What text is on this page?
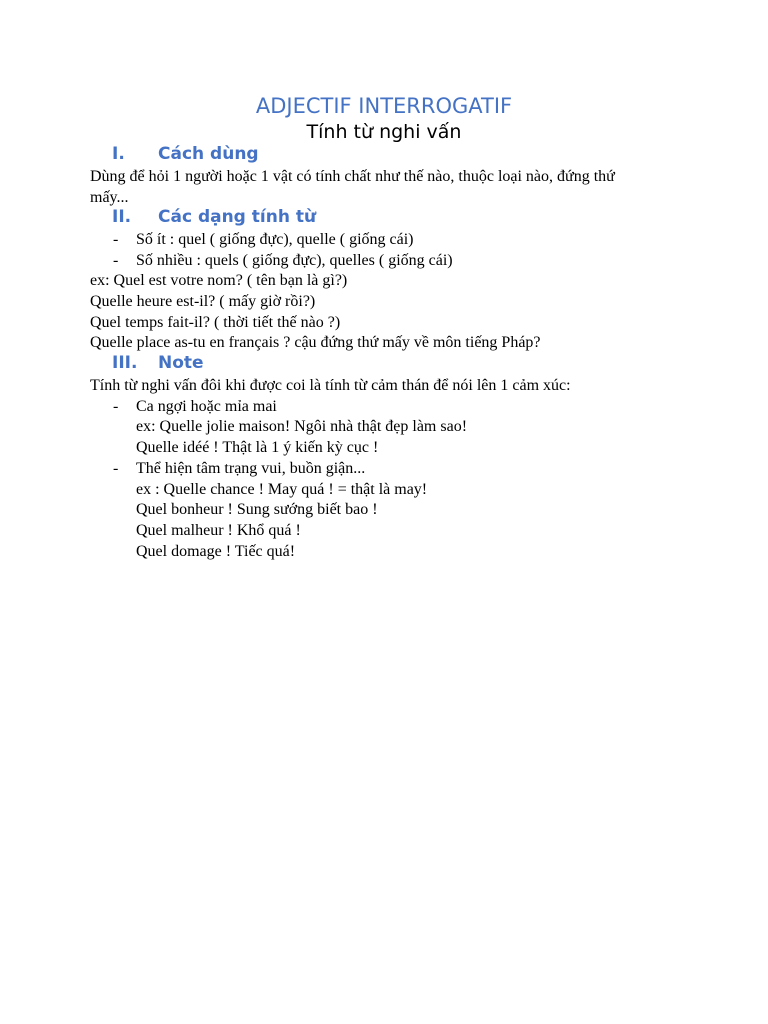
ADJECTIF INTERROGATIF
Tính từ nghi vấn
I. Cách dùng
Dùng để hỏi 1 người hoặc 1 vật có tính chất như thế nào, thuộc loại nào, đứng thứ
mấy...
II. Các dạng tính từ
- Số ít : quel ( giống đực), quelle ( giống cái)
- Số nhiều : quels ( giống đực), quelles ( giống cái)
ex: Quel est votre nom? ( tên bạn là gì?)
Quelle heure est-il? ( mấy giờ rồi?)
Quel temps fait-il? ( thời tiết thế nào ?)
Quelle place as-tu en français ? cậu đứng thứ mấy về môn tiếng Pháp?
III. Note
Tính từ nghi vấn đôi khi được coi là tính từ cảm thán để nói lên 1 cảm xúc:
- Ca ngợi hoặc mỉa mai
ex: Quelle jolie maison! Ngôi nhà thật đẹp làm sao!
Quelle idéé ! Thật là 1 ý kiến kỳ cục !
- Thể hiện tâm trạng vui, buồn giận...
ex : Quelle chance ! May quá ! = thật là may!
Quel bonheur ! Sung sướng biết bao !
Quel malheur ! Khổ quá !
Quel domage ! Tiếc quá!
